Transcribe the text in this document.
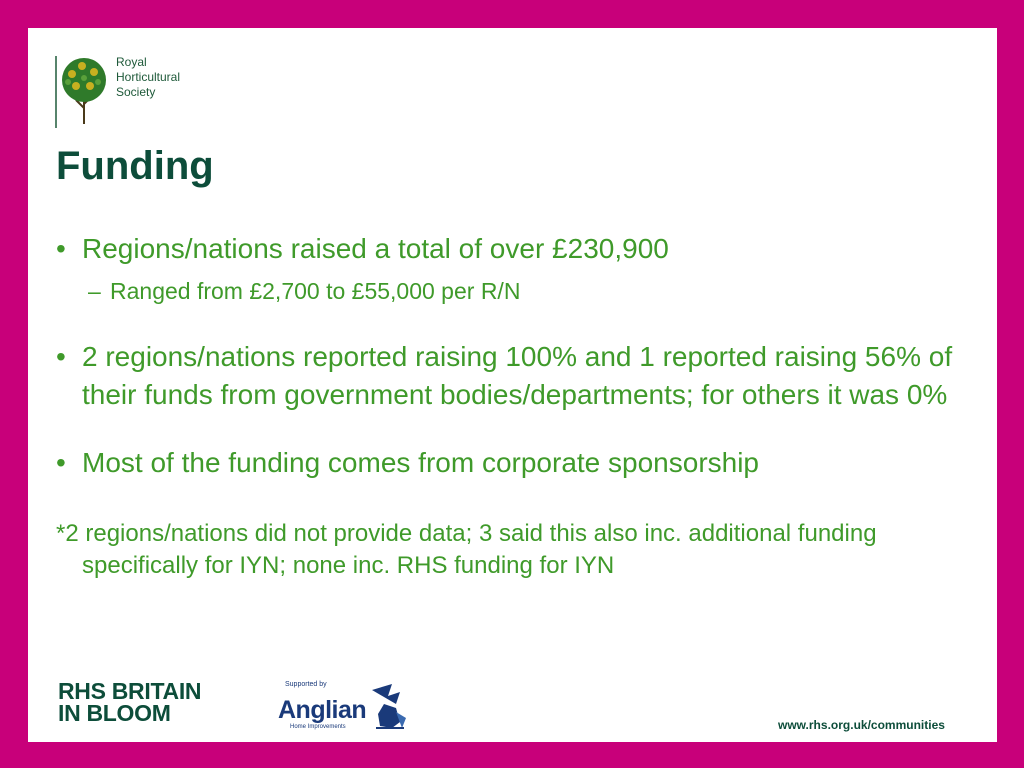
Royal
Horticultural
Society
Funding
• Regions/nations raised a total of over £230,900
– Ranged from £2,700 to £55,000 per R/N
• 2 regions/nations reported raising 100% and 1 reported raising 56% of their funds from government bodies/departments; for others it was 0%
• Most of the funding comes from corporate sponsorship
*2 regions/nations did not provide data; 3 said this also inc. additional funding specifically for IYN; none inc. RHS funding for IYN
RHS BRITAIN
IN BLOOM
Supported by
Anglian
Home Improvements	www.rhs.org.uk/communities
